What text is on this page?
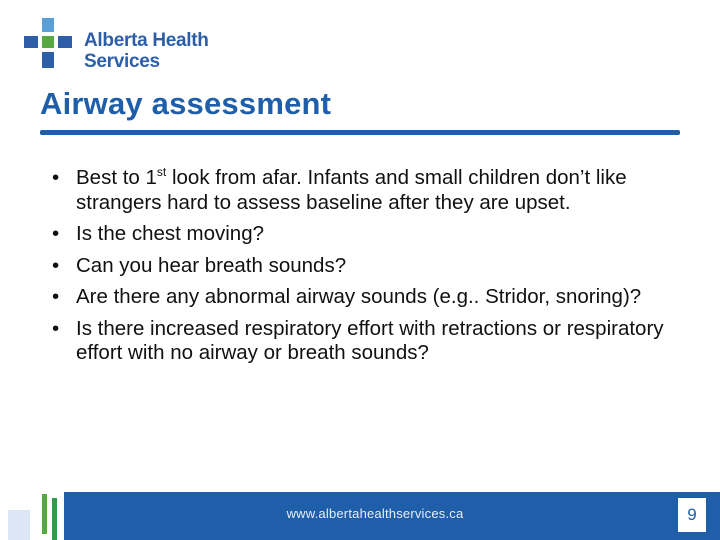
Alberta Health
Services
Airway assessment
• Best to 1st look from afar. Infants and small children don’t like strangers hard to assess baseline after they are upset.
• Is the chest moving?
• Can you hear breath sounds?
• Are there any abnormal airway sounds (e.g.. Stridor, snoring)?
• Is there increased respiratory effort with retractions or respiratory effort with no airway or breath sounds?
www.albertahealthservices.ca	9
